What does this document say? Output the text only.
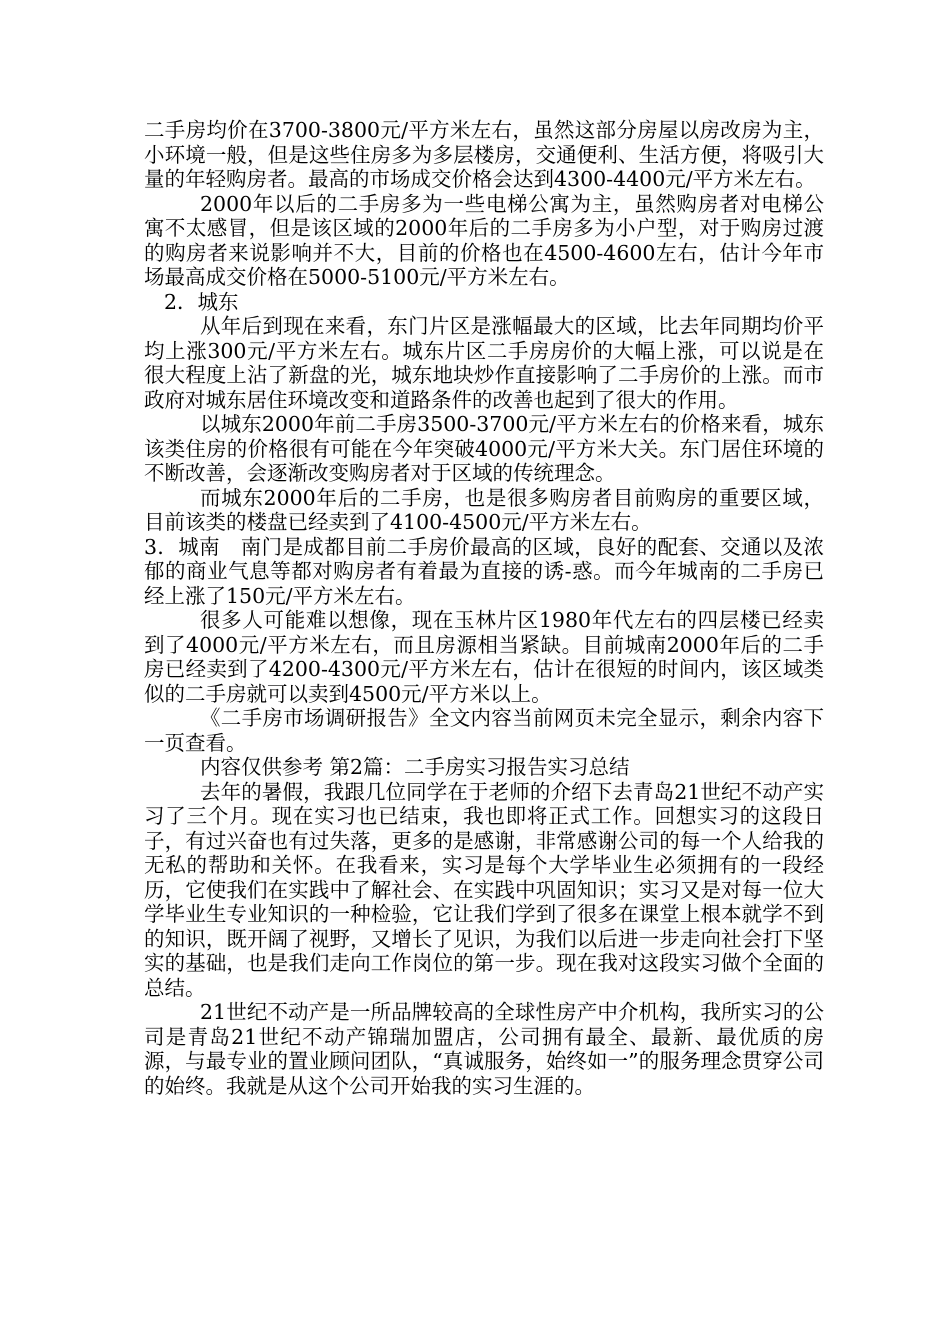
二手房均价在3700-3800元/平方米左右，虽然这部分房屋以房改房为主，小环境一般，但是这些住房多为多层楼房，交通便利、生活方便，将吸引大量的年轻购房者。最高的市场成交价格会达到4300-4400元/平方米左右。

2000年以后的二手房多为一些电梯公寓为主，虽然购房者对电梯公寓不太感冒，但是该区域的2000年后的二手房多为小户型，对于购房过渡的购房者来说影响并不大，目前的价格也在4500-4600左右，估计今年市场最高成交价格在5000-5100元/平方米左右。

2．城东

从年后到现在来看，东门片区是涨幅最大的区域，比去年同期均价平均上涨300元/平方米左右。城东片区二手房房价的大幅上涨，可以说是在很大程度上沾了新盘的光，城东地块炒作直接影响了二手房价的上涨。而市政府对城东居住环境改变和道路条件的改善也起到了很大的作用。

以城东2000年前二手房3500-3700元/平方米左右的价格来看，城东该类住房的价格很有可能在今年突破4000元/平方米大关。东门居住环境的不断改善，会逐渐改变购房者对于区域的传统理念。

而城东2000年后的二手房，也是很多购房者目前购房的重要区域，目前该类的楼盘已经卖到了4100-4500元/平方米左右。

3．城南　南门是成都目前二手房价最高的区域，良好的配套、交通以及浓郁的商业气息等都对购房者有着最为直接的诱-惑。而今年城南的二手房已经上涨了150元/平方米左右。

很多人可能难以想像，现在玉林片区1980年代左右的四层楼已经卖到了4000元/平方米左右，而且房源相当紧缺。目前城南2000年后的二手房已经卖到了4200-4300元/平方米左右，估计在很短的时间内，该区域类似的二手房就可以卖到4500元/平方米以上。

《二手房市场调研报告》全文内容当前网页未完全显示，剩余内容下一页查看。

内容仅供参考 第2篇：二手房实习报告实习总结

去年的暑假，我跟几位同学在于老师的介绍下去青岛21世纪不动产实习了三个月。现在实习也已结束，我也即将正式工作。回想实习的这段日子，有过兴奋也有过失落，更多的是感谢，非常感谢公司的每一个人给我的无私的帮助和关怀。在我看来，实习是每个大学毕业生必须拥有的一段经历，它使我们在实践中了解社会、在实践中巩固知识；实习又是对每一位大学毕业生专业知识的一种检验，它让我们学到了很多在课堂上根本就学不到的知识，既开阔了视野，又增长了见识，为我们以后进一步走向社会打下坚实的基础，也是我们走向工作岗位的第一步。现在我对这段实习做个全面的总结。

21世纪不动产是一所品牌较高的全球性房产中介机构，我所实习的公司是青岛21世纪不动产锦瑞加盟店，公司拥有最全、最新、最优质的房源，与最专业的置业顾问团队，“真诚服务，始终如一”的服务理念贯穿公司的始终。我就是从这个公司开始我的实习生涯的。
